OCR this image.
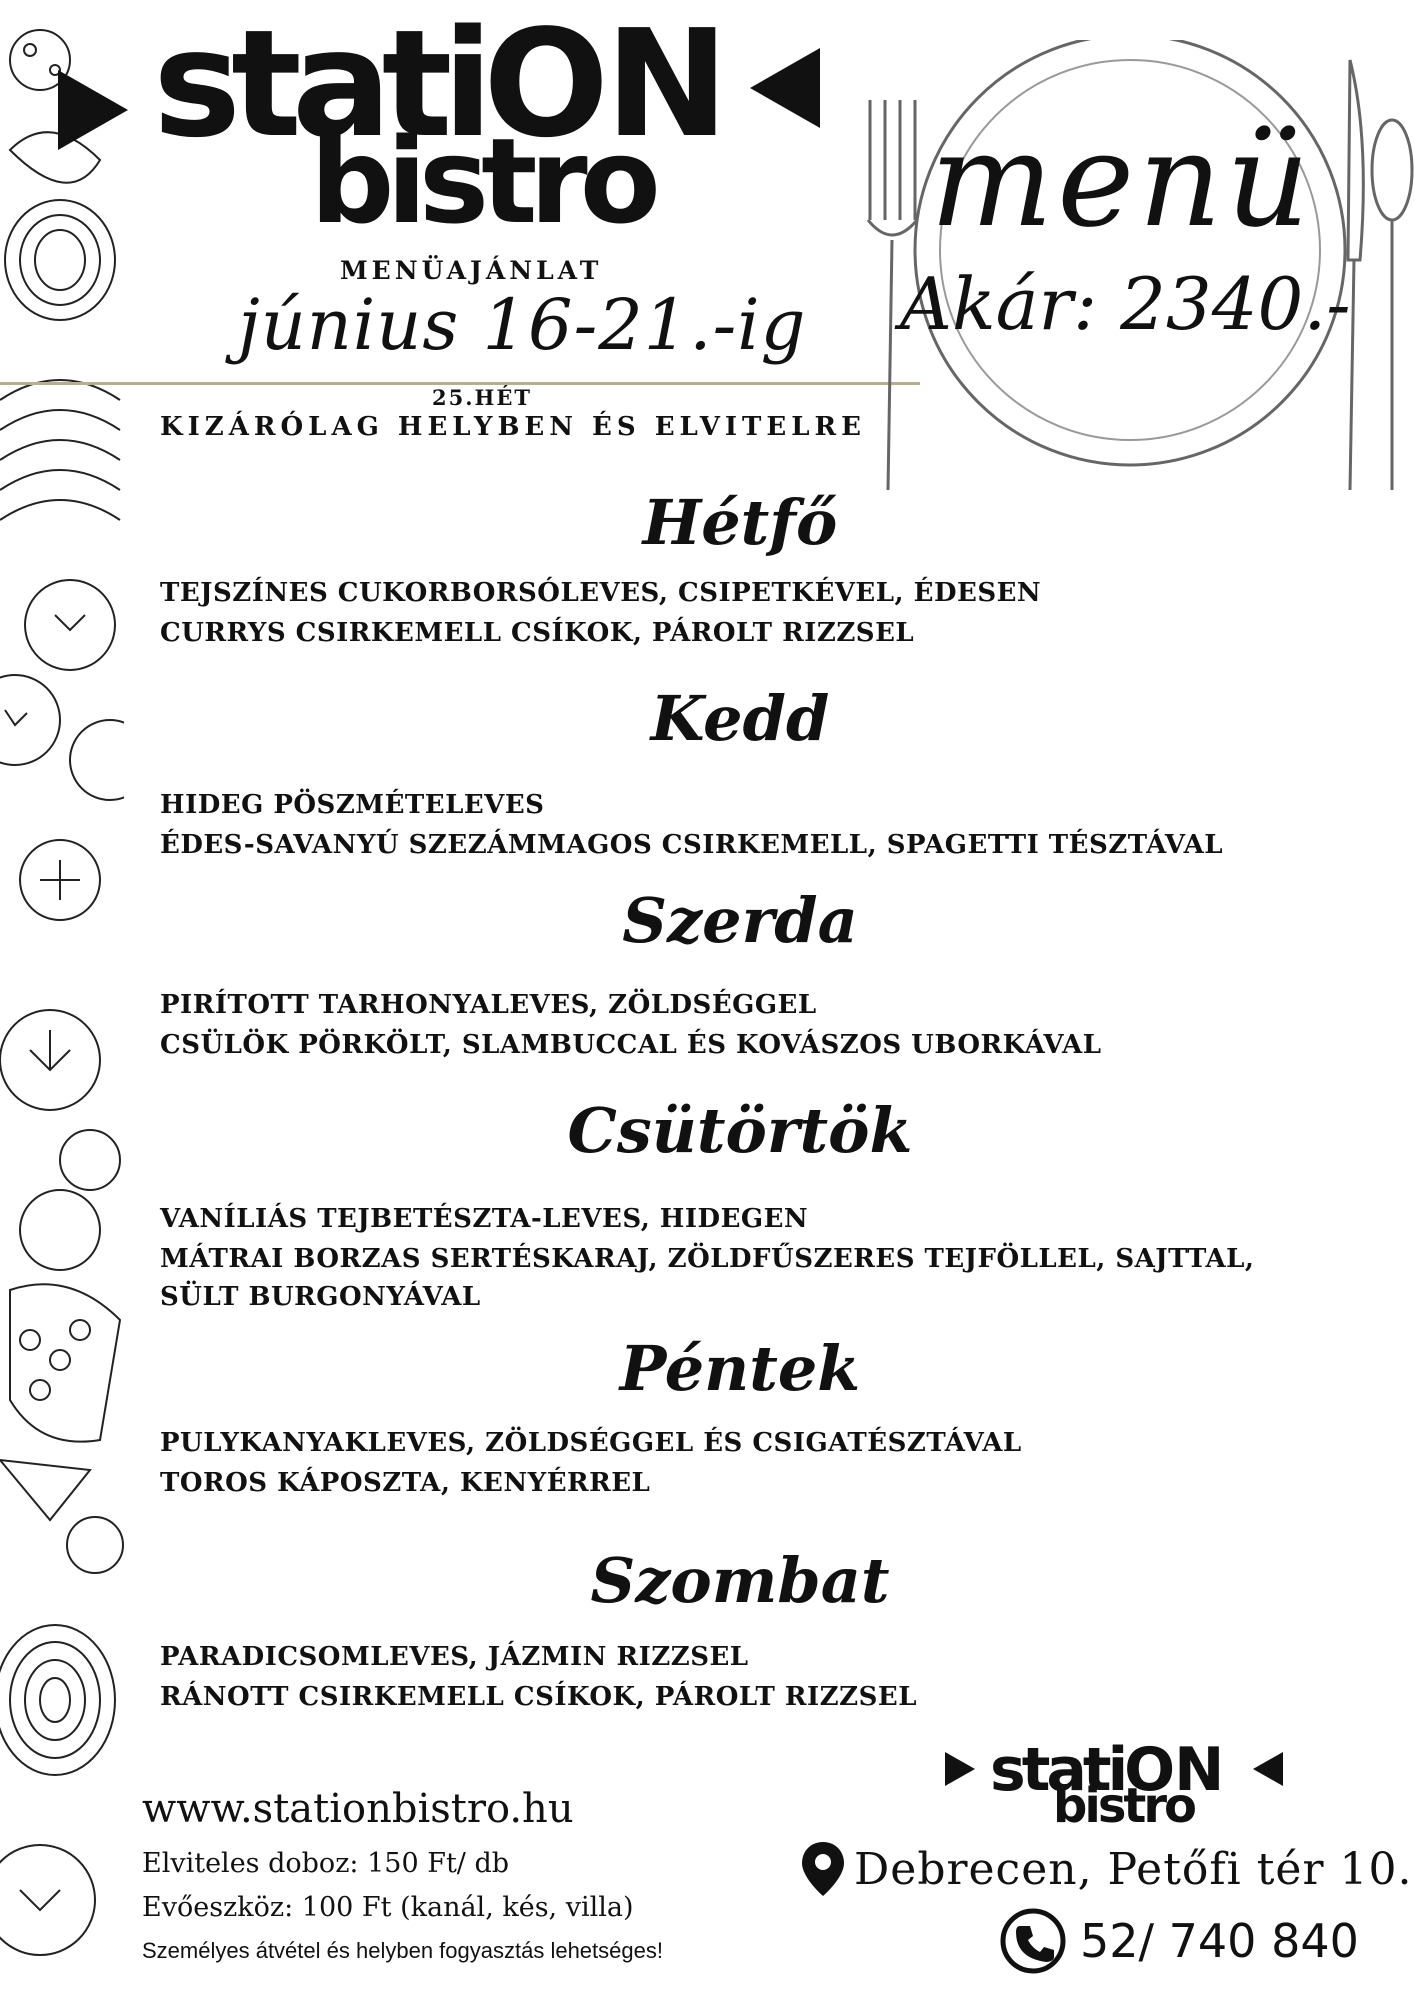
statiON
bistro
MENÜAJÁNLAT
június 16-21.-ig
25.HÉT
KIZÁRÓLAG HELYBEN ÉS ELVITELRE
menü
Akár: 2340.-
Hétfő
TEJSZÍNES CUKORBORSÓLEVES, CSIPETKÉVEL, ÉDESEN
CURRYS CSIRKEMELL CSÍKOK, PÁROLT RIZZSEL
Kedd
HIDEG PÖSZMÉTELEVES
ÉDES-SAVANYÚ SZEZÁMMAGOS CSIRKEMELL, SPAGETTI TÉSZTÁVAL
Szerda
PIRÍTOTT TARHONYALEVES, ZÖLDSÉGGEL
CSÜLÖK PÖRKÖLT, SLAMBUCCAL ÉS KOVÁSZOS UBORKÁVAL
Csütörtök
VANÍLIÁS TEJBETÉSZTA-LEVES, HIDEGEN
MÁTRAI BORZAS SERTÉSKARAJ, ZÖLDFŰSZERES TEJFÖLLEL, SAJTTAL,
SÜLT BURGONYÁVAL
Péntek
PULYKANYAKLEVES, ZÖLDSÉGGEL ÉS CSIGATÉSZTÁVAL
TOROS KÁPOSZTA, KENYÉRREL
Szombat
PARADICSOMLEVES, JÁZMIN RIZZSEL
RÁNOTT CSIRKEMELL CSÍKOK, PÁROLT RIZZSEL
www.stationbistro.hu
Elviteles doboz: 150 Ft/ db
Evőeszköz: 100 Ft (kanál, kés, villa)
Személyes átvétel és helyben fogyasztás lehetséges!
statiON
bistro
Debrecen, Petőfi tér 10.
52/ 740 840
